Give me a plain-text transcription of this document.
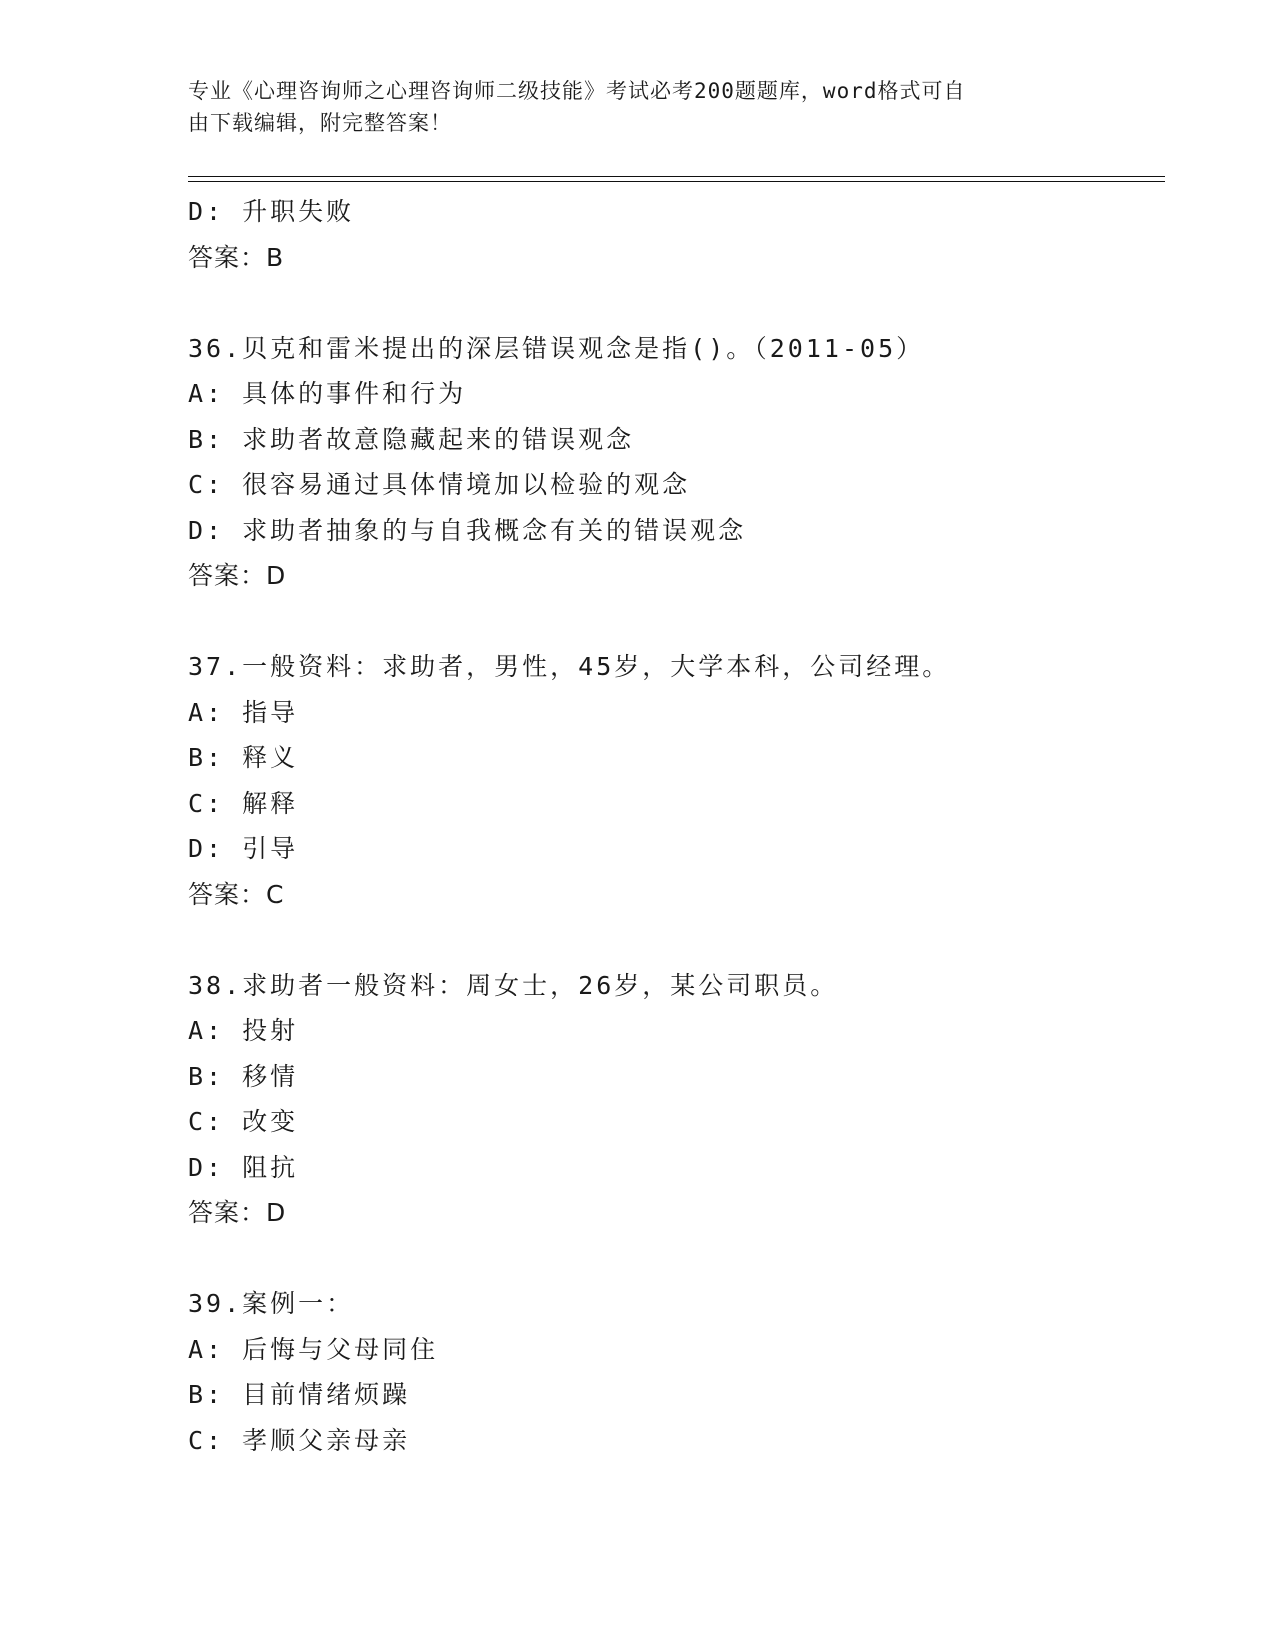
专业《心理咨询师之心理咨询师二级技能》考试必考200题题库，word格式可自
由下载编辑，附完整答案！
D: 升职失败
答案：B
36.贝克和雷米提出的深层错误观念是指()。（2011-05）
A: 具体的事件和行为
B: 求助者故意隐藏起来的错误观念
C: 很容易通过具体情境加以检验的观念
D: 求助者抽象的与自我概念有关的错误观念
答案：D
37.一般资料：求助者，男性，45岁，大学本科，公司经理。
A: 指导
B: 释义
C: 解释
D: 引导
答案：C
38.求助者一般资料：周女士，26岁，某公司职员。
A: 投射
B: 移情
C: 改变
D: 阻抗
答案：D
39.案例一：
A: 后悔与父母同住
B: 目前情绪烦躁
C: 孝顺父亲母亲
